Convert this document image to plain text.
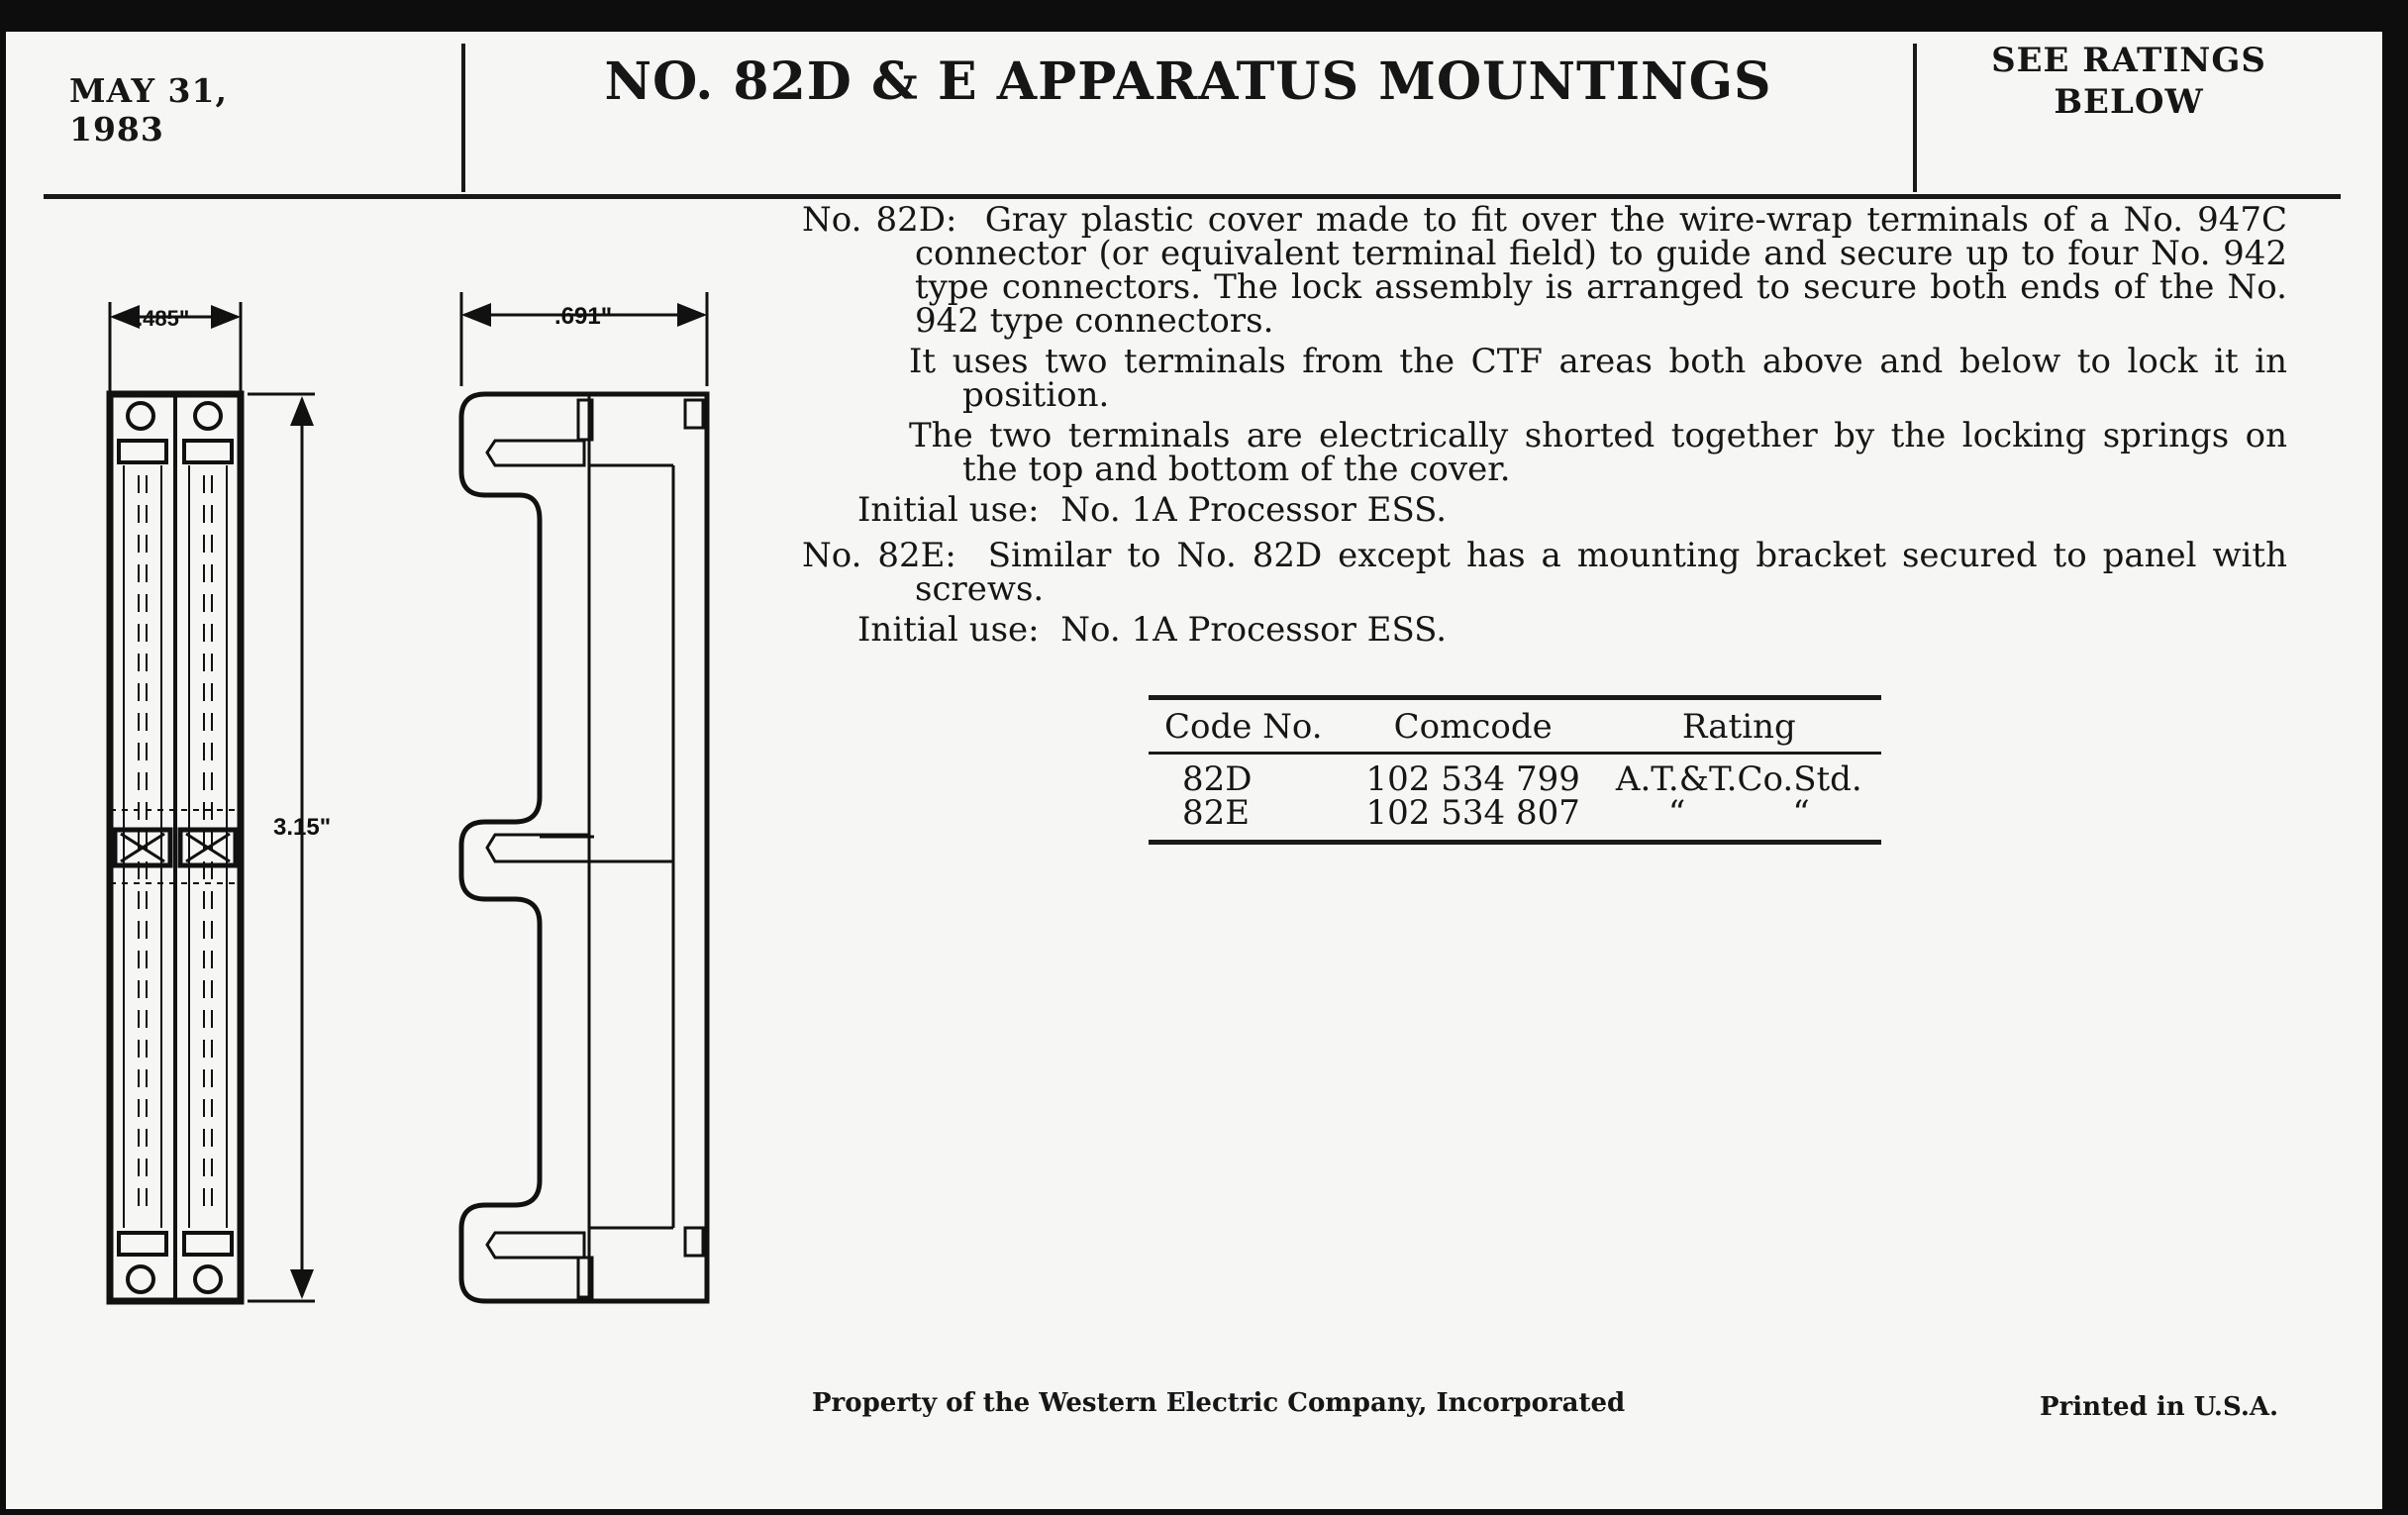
MAY 31, 1983
NO. 82D & E APPARATUS MOUNTINGS	SEE RATINGS
BELOW
.485"
3.15"
.691"

No. 82D: Gray plastic cover made to fit over the wire-wrap terminals of a No. 947C connector (or equivalent terminal field) to guide and secure up to four No. 942 type connectors. The lock assembly is arranged to secure both ends of the No. 942 type connectors.

It uses two terminals from the CTF areas both above and below to lock it in position.

The two terminals are electrically shorted together by the locking springs on the top and bottom of the cover.

Initial use: No. 1A Processor ESS.

No. 82E: Similar to No. 82D except has a mounting bracket secured to panel with screws.

Initial use: No. 1A Processor ESS.

Code No.	Comcode	Rating
82D	102 534 799	A.T.&T.Co.Std.
82E	102 534 807	“          “
Property of the Western Electric Company, Incorporated	Printed in U.S.A.
